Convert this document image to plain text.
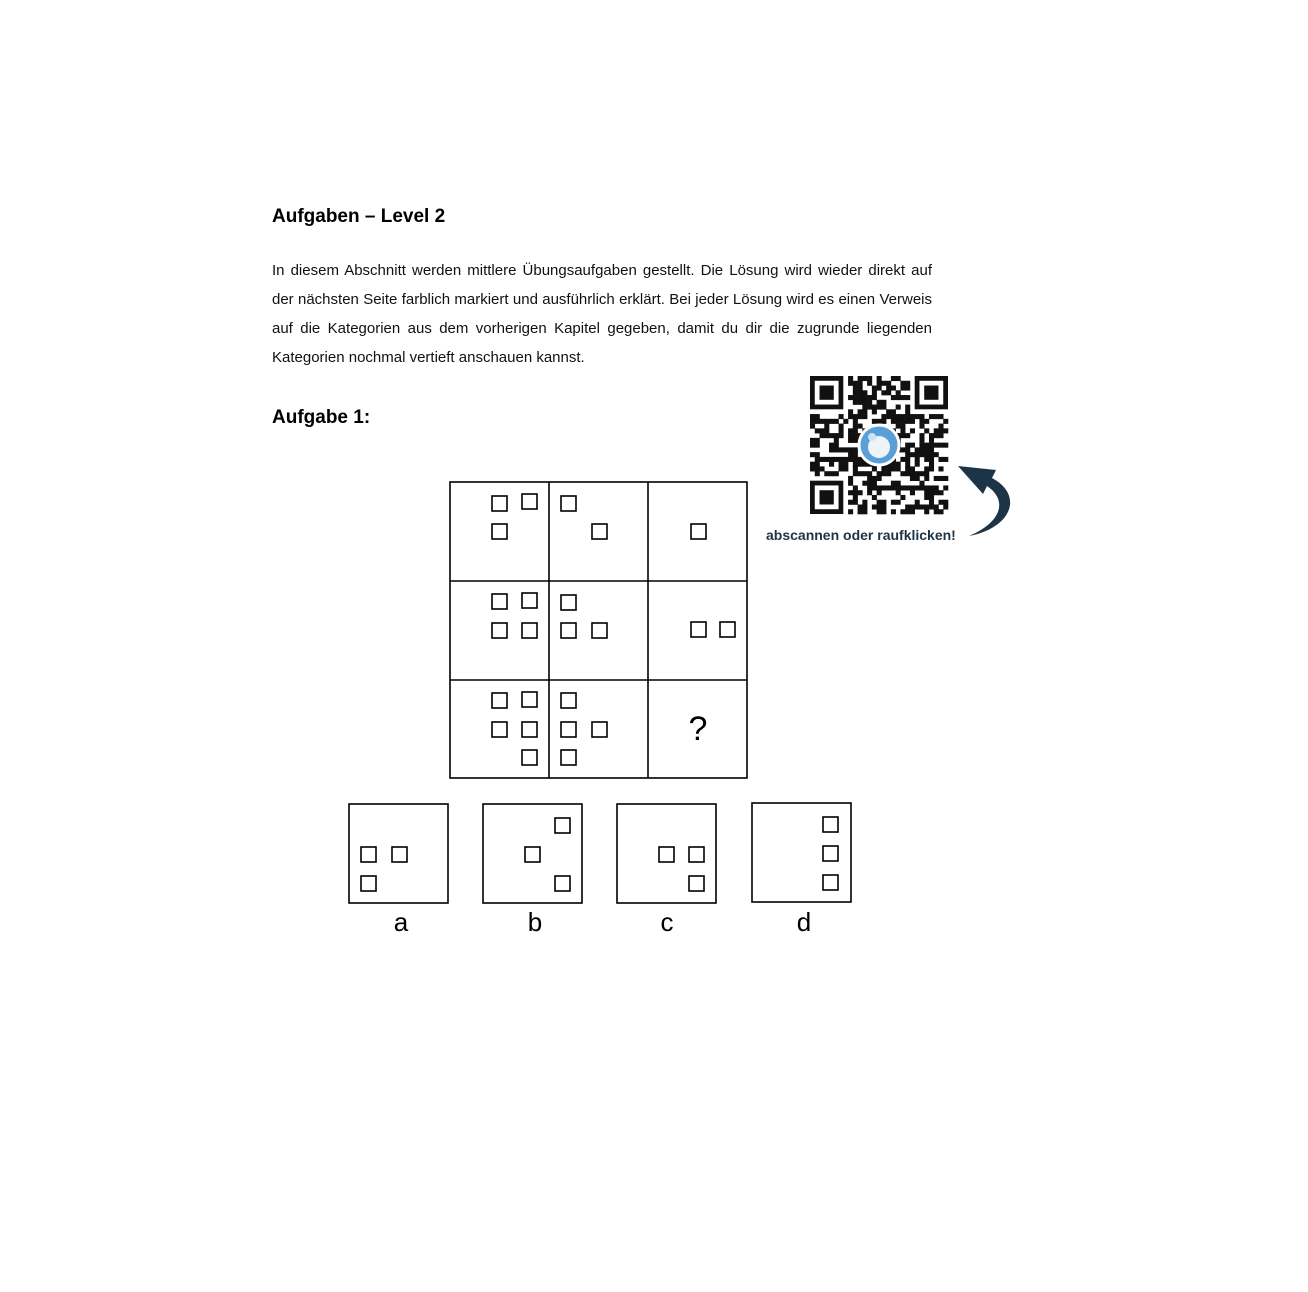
Aufgaben – Level 2

In diesem Abschnitt werden mittlere Übungsaufgaben gestellt. Die Lösung wird wieder direkt auf der nächsten Seite farblich markiert und ausführlich erklärt. Bei jeder Lösung wird es einen Verweis auf die Kategorien aus dem vorherigen Kapitel gegeben, damit du dir die zugrunde liegenden Kategorien nochmal vertieft anschauen kannst.

Aufgabe 1:
abscannen oder raufklicken!
?
a	b	c	d
